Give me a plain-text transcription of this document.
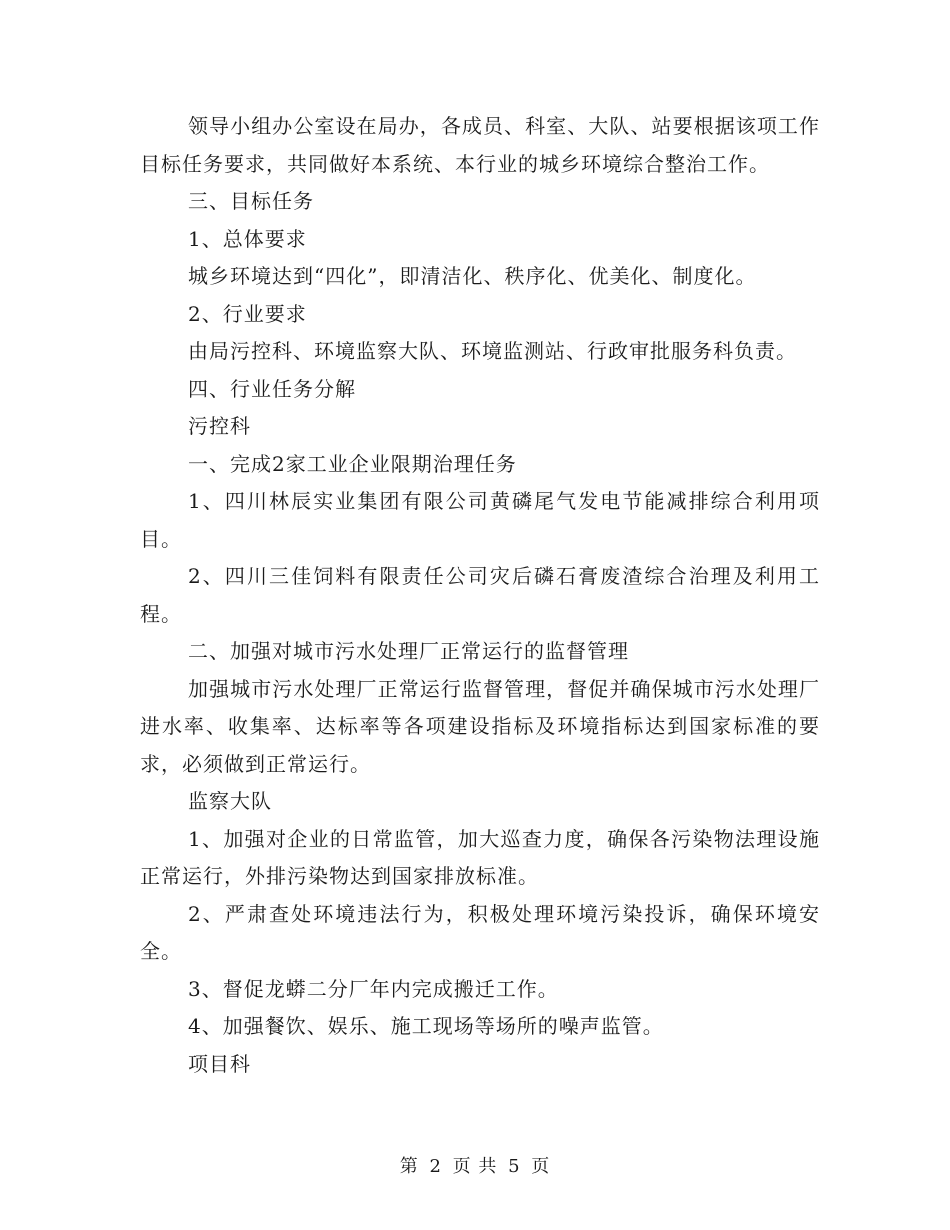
领导小组办公室设在局办，各成员、科室、大队、站要根据该项工作目标任务要求，共同做好本系统、本行业的城乡环境综合整治工作。

三、目标任务

1、总体要求

城乡环境达到“四化”，即清洁化、秩序化、优美化、制度化。

2、行业要求

由局污控科、环境监察大队、环境监测站、行政审批服务科负责。

四、行业任务分解

污控科

一、完成2家工业企业限期治理任务

1、四川林辰实业集团有限公司黄磷尾气发电节能减排综合利用项目。

2、四川三佳饲料有限责任公司灾后磷石膏废渣综合治理及利用工程。

二、加强对城市污水处理厂正常运行的监督管理

加强城市污水处理厂正常运行监督管理，督促并确保城市污水处理厂进水率、收集率、达标率等各项建设指标及环境指标达到国家标准的要求，必须做到正常运行。

监察大队

1、加强对企业的日常监管，加大巡查力度，确保各污染物法理设施正常运行，外排污染物达到国家排放标准。

2、严肃查处环境违法行为，积极处理环境污染投诉，确保环境安全。

3、督促龙蟒二分厂年内完成搬迁工作。

4、加强餐饮、娱乐、施工现场等场所的噪声监管。

项目科

第 2 页 共 5 页
